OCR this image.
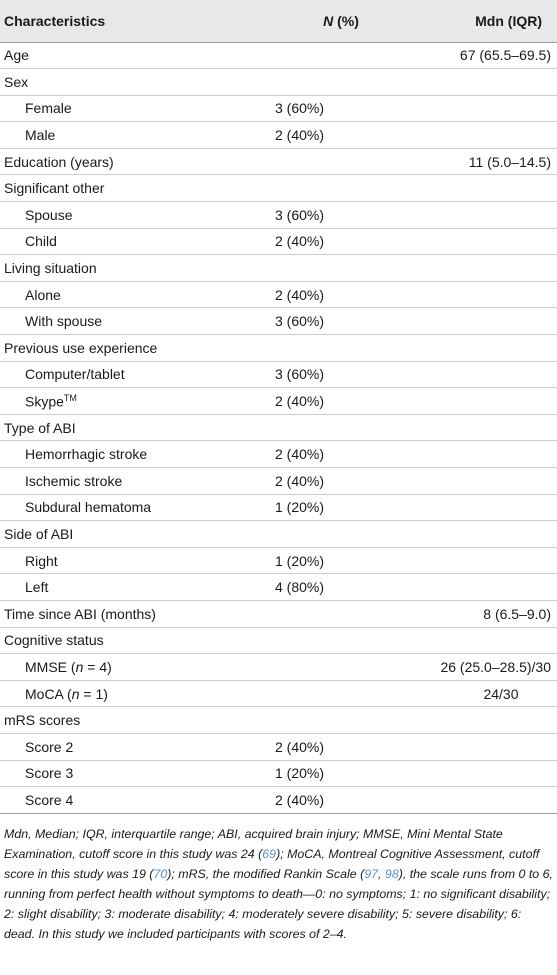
Characteristics	N (%)	Mdn (IQR)
Age		67 (65.5–69.5)
Sex		
Female	3 (60%)	
Male	2 (40%)	
Education (years)		11 (5.0–14.5)
Significant other		
Spouse	3 (60%)	
Child	2 (40%)	
Living situation		
Alone	2 (40%)	
With spouse	3 (60%)	
Previous use experience		
Computer/tablet	3 (60%)	
Skype™	2 (40%)	
Type of ABI		
Hemorrhagic stroke	2 (40%)	
Ischemic stroke	2 (40%)	
Subdural hematoma	1 (20%)	
Side of ABI		
Right	1 (20%)	
Left	4 (80%)	
Time since ABI (months)		8 (6.5–9.0)
Cognitive status		
MMSE (n = 4)		26 (25.0–28.5)/30
MoCA (n = 1)		24/30
mRS scores		
Score 2	2 (40%)	
Score 3	1 (20%)	
Score 4	2 (40%)	
Mdn, Median; IQR, interquartile range; ABI, acquired brain injury; MMSE, Mini Mental State Examination, cutoff score in this study was 24 (69); MoCA, Montreal Cognitive Assessment, cutoff score in this study was 19 (70); mRS, the modified Rankin Scale (97, 98), the scale runs from 0 to 6, running from perfect health without symptoms to death—0: no symptoms; 1: no significant disability; 2: slight disability; 3: moderate disability; 4: moderately severe disability; 5: severe disability; 6: dead. In this study we included participants with scores of 2–4.
